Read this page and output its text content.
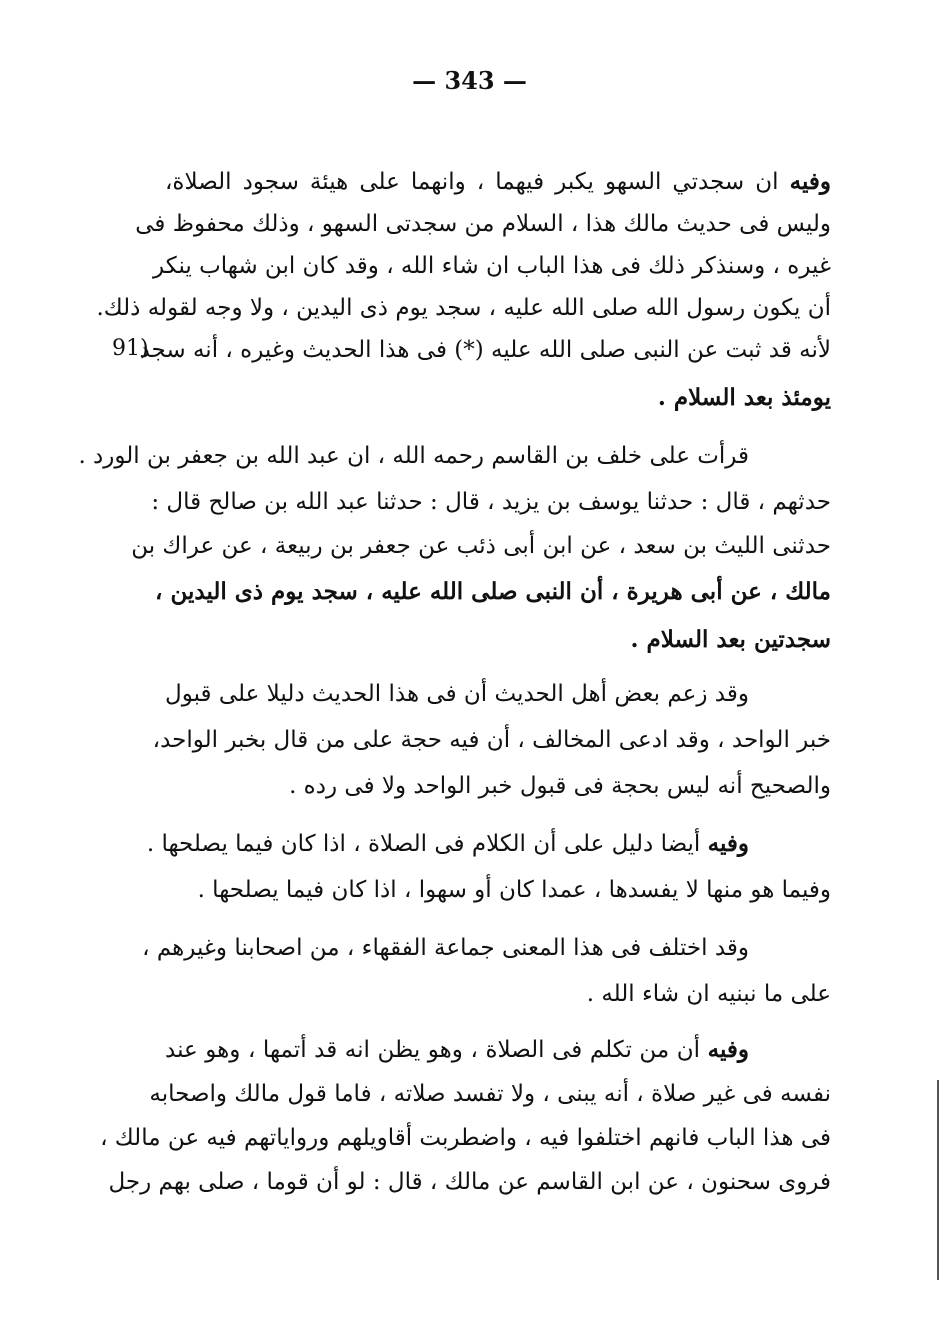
— 343 —
91)
وفيه ان سجدتي السهو يكبر فيهما ، وانهما على هيئة سجود الصلاة،
وليس فى حديث مالك هذا ، السلام من سجدتى السهو ، وذلك محفوظ فى
غيره ، وسنذكر ذلك فى هذا الباب ان شاء الله ، وقد كان ابن شهاب ينكر
أن يكون رسول الله صلى الله عليه ، سجد يوم ذى اليدين ، ولا وجه لقوله ذلك.
لأنه قد ثبت عن النبى صلى الله عليه (*) فى هذا الحديث وغيره ، أنه سجد
يومئذ بعد السلام .
قرأت على خلف بن القاسم رحمه الله ، ان عبد الله بن جعفر بن الورد .
حدثهم ، قال : حدثنا يوسف بن يزيد ، قال : حدثنا عبد الله بن صالح قال :
حدثنى الليث بن سعد ، عن ابن أبى ذئب عن جعفر بن ربيعة ، عن عراك بن
مالك ، عن أبى هريرة ، أن النبى صلى الله عليه ، سجد يوم ذى اليدين ،
سجدتين بعد السلام .
وقد زعم بعض أهل الحديث أن فى هذا الحديث دليلا على قبول
خبر الواحد ، وقد ادعى المخالف ، أن فيه حجة على من قال بخبر الواحد،
والصحيح أنه ليس بحجة فى قبول خبر الواحد ولا فى رده .
وفيه أيضا دليل على أن الكلام فى الصلاة ، اذا كان فيما يصلحها .
وفيما هو منها لا يفسدها ، عمدا كان أو سهوا ، اذا كان فيما يصلحها .
وقد اختلف فى هذا المعنى جماعة الفقهاء ، من اصحابنا وغيرهم ،
على ما نبنيه ان شاء الله .
وفيه أن من تكلم فى الصلاة ، وهو يظن انه قد أتمها ، وهو عند
نفسه فى غير صلاة ، أنه يبنى ، ولا تفسد صلاته ، فاما قول مالك واصحابه
فى هذا الباب فانهم اختلفوا فيه ، واضطربت أقاويلهم ورواياتهم فيه عن مالك ،
فروى سحنون ، عن ابن القاسم عن مالك ، قال : لو أن قوما ، صلى بهم رجل
